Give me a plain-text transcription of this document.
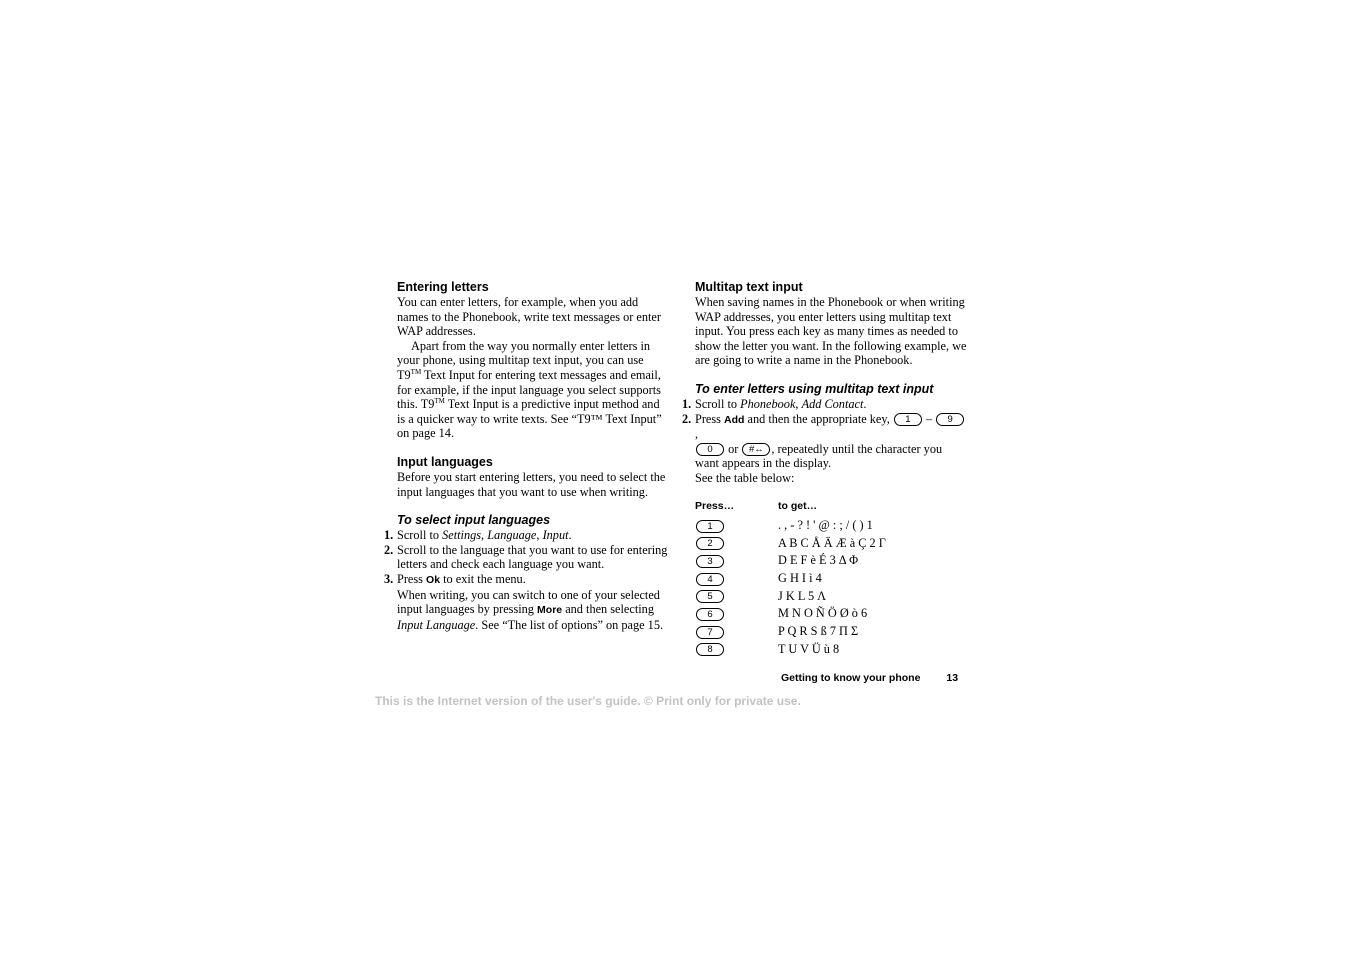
Entering letters

You can enter letters, for example, when you add names to the Phonebook, write text messages or enter WAP addresses.

Apart from the way you normally enter letters in your phone, using multitap text input, you can use T9™ Text Input for entering text messages and email, for example, if the input language you select supports this. T9™ Text Input is a predictive input method and is a quicker way to write texts. See “T9™ Text Input” on page 14.

Input languages

Before you start entering letters, you need to select the input languages that you want to use when writing.

To select input languages
1. Scroll to Settings, Language, Input.
2. Scroll to the language that you want to use for entering letters and check each language you want.
3. Press Ok to exit the menu.
When writing, you can switch to one of your selected input languages by pressing More and then selecting Input Language. See “The list of options” on page 15.
Multitap text input

When saving names in the Phonebook or when writing WAP addresses, you enter letters using multitap text input. You press each key as many times as needed to show the letter you want. In the following example, we are going to write a name in the Phonebook.

To enter letters using multitap text input
1. Scroll to Phonebook, Add Contact.
2. Press Add and then the appropriate key, 1 – 9,
0 or #↔ , repeatedly until the character you want appears in the display.
See the table below:
Press…	to get…
1	. , - ? ! ' @ : ; / ( ) 1
2	A B C Å Ä Æ à Ç 2 Γ
3	D E F è É 3 Δ Φ
4	G H I ì 4
5	J K L 5 Λ
6	M N O Ñ Ö Ø ò 6
7	P Q R S ß 7 Π Σ
8	T U V Ü ù 8
Getting to know your phone 13
This is the Internet version of the user's guide. © Print only for private use.
